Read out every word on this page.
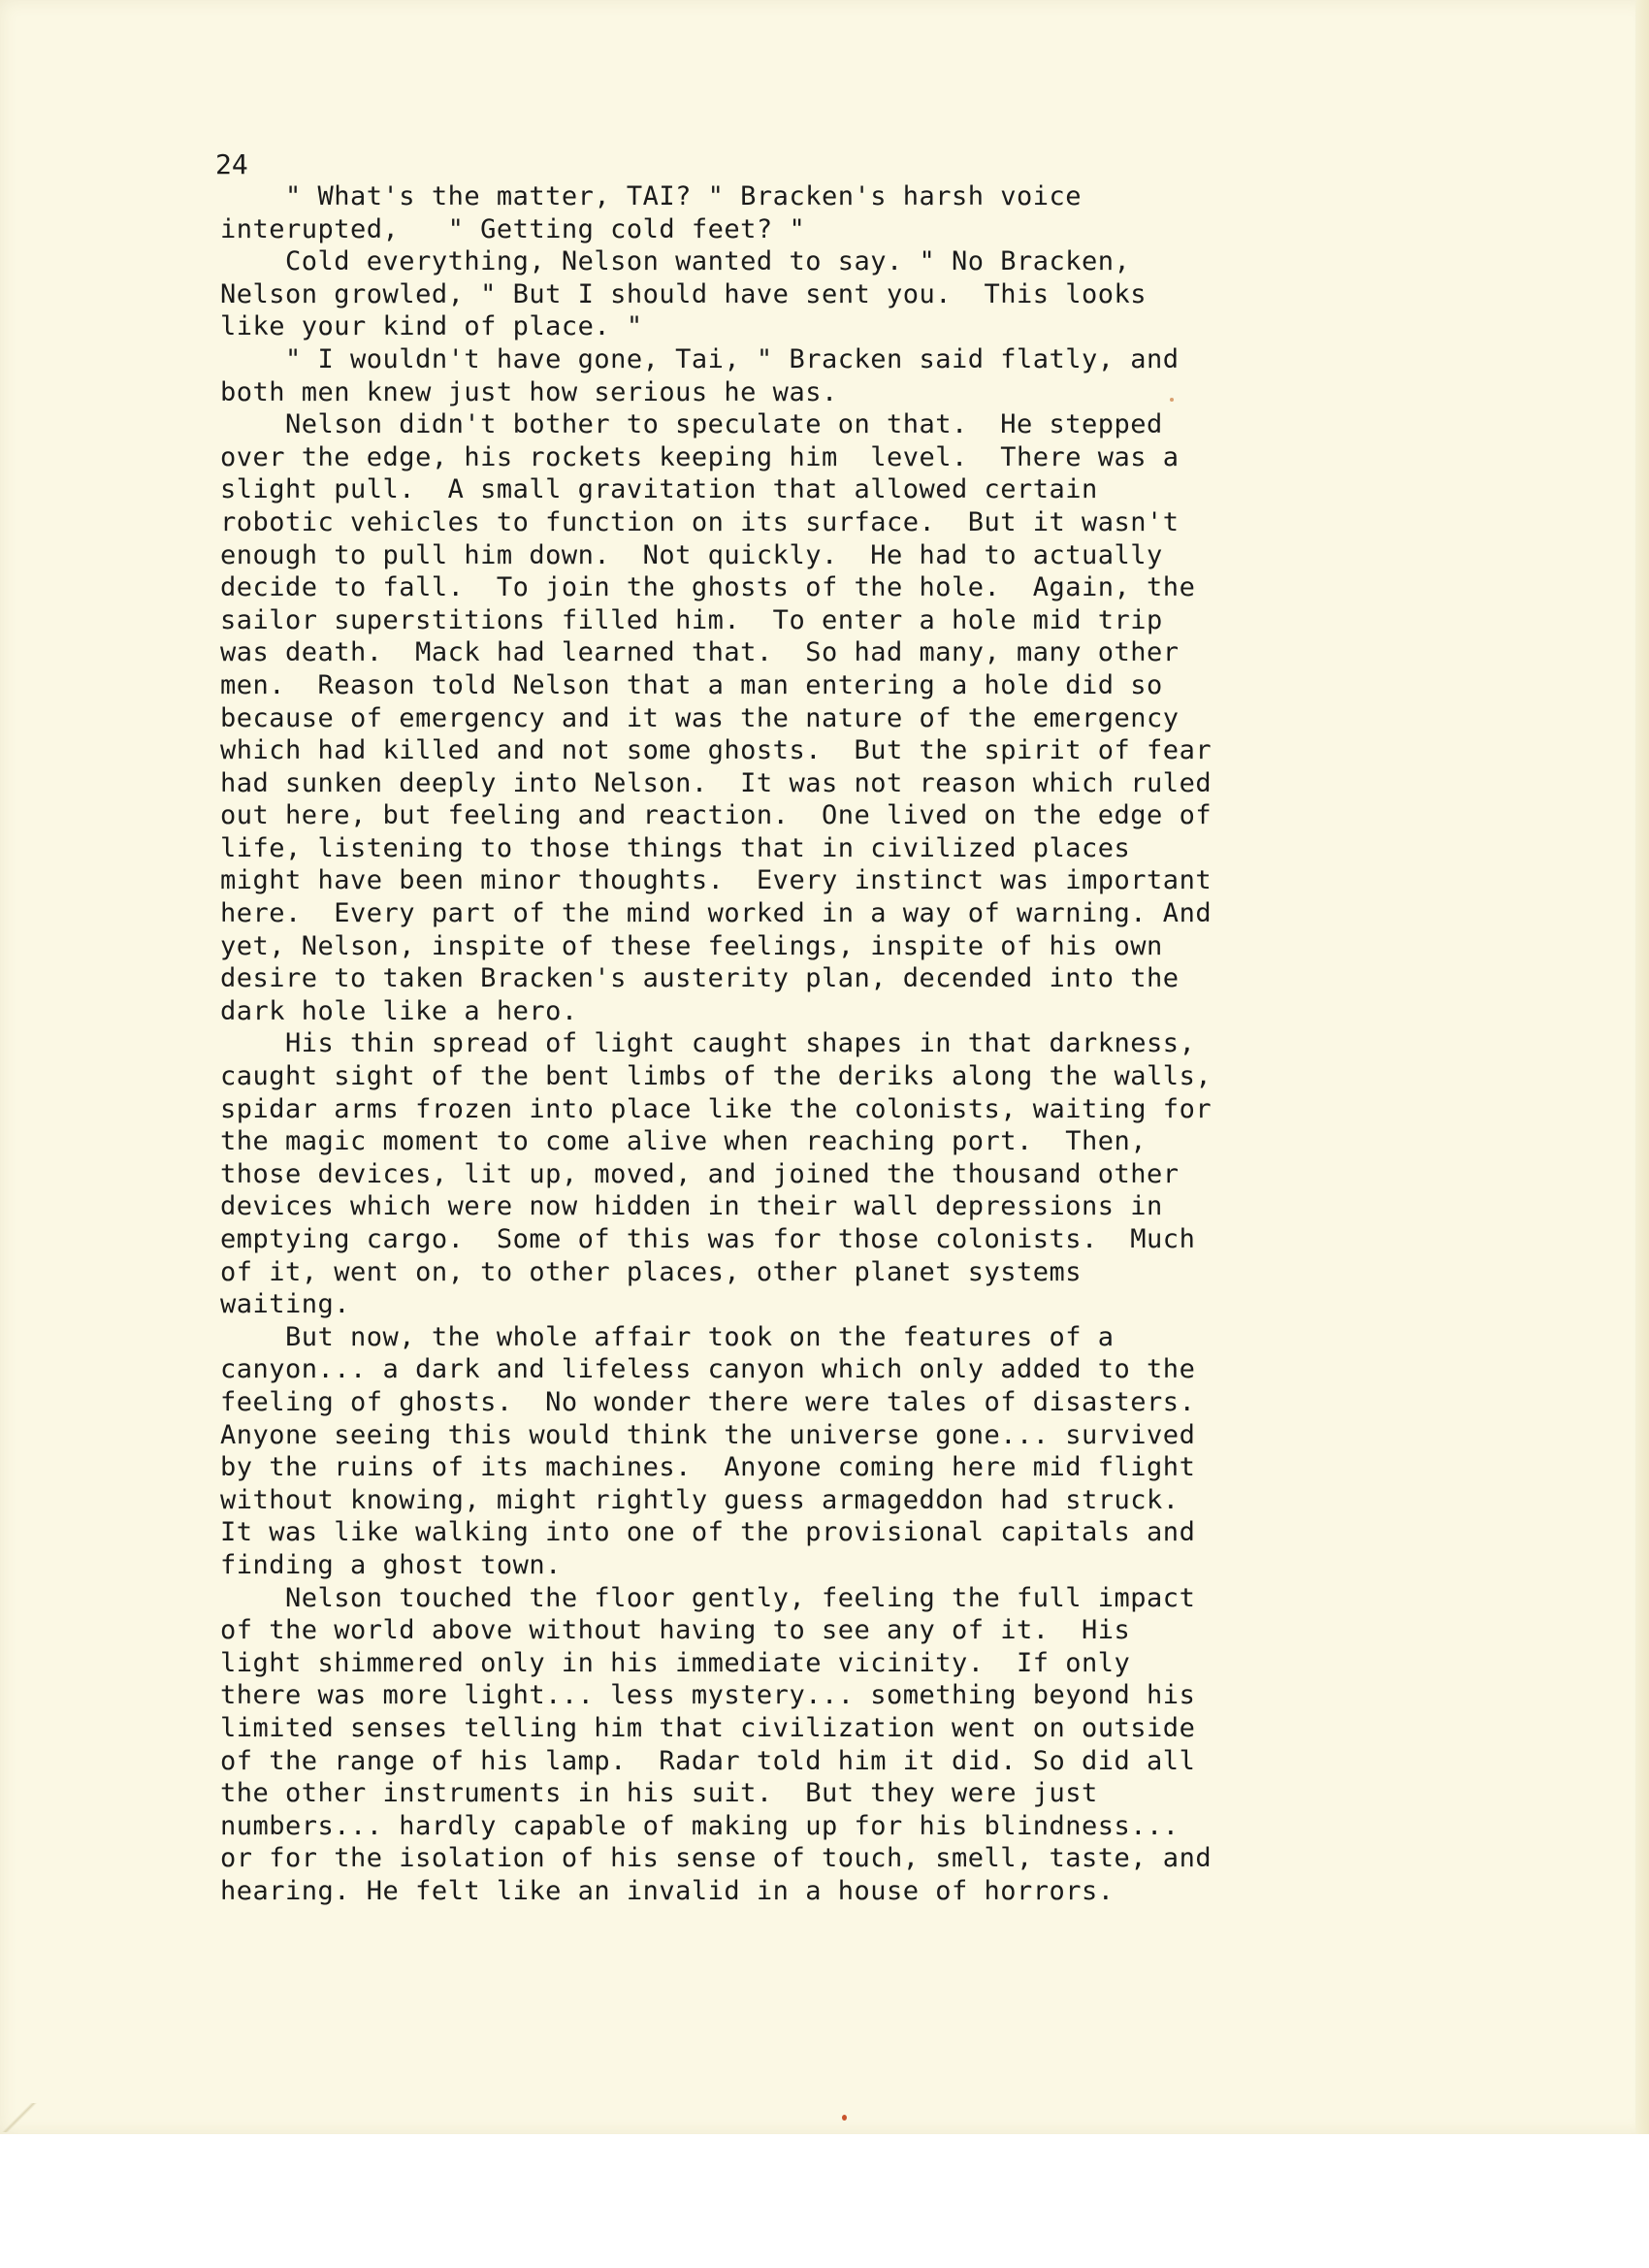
24
" What's the matter, TAI? " Bracken's harsh voice
interupted,   " Getting cold feet? "
Cold everything, Nelson wanted to say. " No Bracken,
Nelson growled, " But I should have sent you.  This looks
like your kind of place. "
" I wouldn't have gone, Tai, " Bracken said flatly, and
both men knew just how serious he was.
Nelson didn't bother to speculate on that.  He stepped
over the edge, his rockets keeping him  level.  There was a
slight pull.  A small gravitation that allowed certain
robotic vehicles to function on its surface.  But it wasn't
enough to pull him down.  Not quickly.  He had to actually
decide to fall.  To join the ghosts of the hole.  Again, the
sailor superstitions filled him.  To enter a hole mid trip
was death.  Mack had learned that.  So had many, many other
men.  Reason told Nelson that a man entering a hole did so
because of emergency and it was the nature of the emergency
which had killed and not some ghosts.  But the spirit of fear
had sunken deeply into Nelson.  It was not reason which ruled
out here, but feeling and reaction.  One lived on the edge of
life, listening to those things that in civilized places
might have been minor thoughts.  Every instinct was important
here.  Every part of the mind worked in a way of warning. And
yet, Nelson, inspite of these feelings, inspite of his own
desire to taken Bracken's austerity plan, decended into the
dark hole like a hero.
His thin spread of light caught shapes in that darkness,
caught sight of the bent limbs of the deriks along the walls,
spidar arms frozen into place like the colonists, waiting for
the magic moment to come alive when reaching port.  Then,
those devices, lit up, moved, and joined the thousand other
devices which were now hidden in their wall depressions in
emptying cargo.  Some of this was for those colonists.  Much
of it, went on, to other places, other planet systems
waiting.
But now, the whole affair took on the features of a
canyon... a dark and lifeless canyon which only added to the
feeling of ghosts.  No wonder there were tales of disasters.
Anyone seeing this would think the universe gone... survived
by the ruins of its machines.  Anyone coming here mid flight
without knowing, might rightly guess armageddon had struck.
It was like walking into one of the provisional capitals and
finding a ghost town.
Nelson touched the floor gently, feeling the full impact
of the world above without having to see any of it.  His
light shimmered only in his immediate vicinity.  If only
there was more light... less mystery... something beyond his
limited senses telling him that civilization went on outside
of the range of his lamp.  Radar told him it did. So did all
the other instruments in his suit.  But they were just
numbers... hardly capable of making up for his blindness...
or for the isolation of his sense of touch, smell, taste, and
hearing. He felt like an invalid in a house of horrors.
